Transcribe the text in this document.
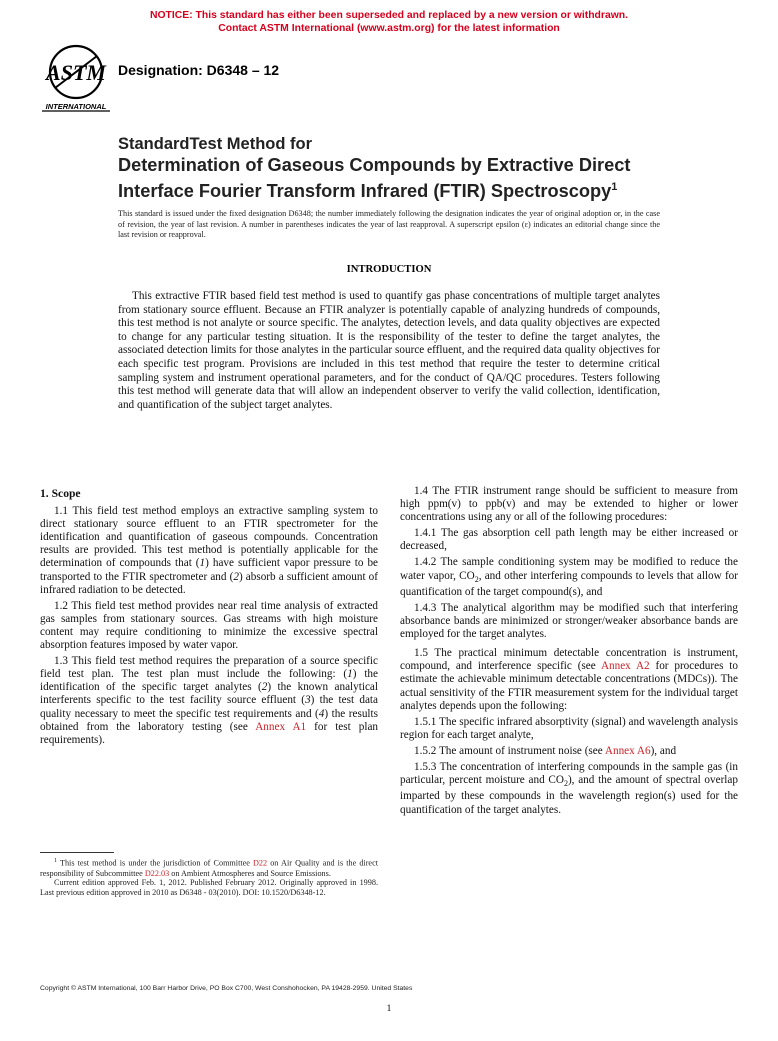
NOTICE: This standard has either been superseded and replaced by a new version or withdrawn.
Contact ASTM International (www.astm.org) for the latest information
ASTM
INTERNATIONAL
Designation: D6348 – 12
StandardTest Method for
Determination of Gaseous Compounds by Extractive Direct
Interface Fourier Transform Infrared (FTIR) Spectroscopy$^1$
This standard is issued under the fixed designation D6348; the number immediately following the designation indicates the year of original adoption or, in the case of revision, the year of last revision. A number in parentheses indicates the year of last reapproval. A superscript epsilon (ε) indicates an editorial change since the last revision or reapproval.
INTRODUCTION
This extractive FTIR based field test method is used to quantify gas phase concentrations of multiple target analytes from stationary source effluent. Because an FTIR analyzer is potentially capable of analyzing hundreds of compounds, this test method is not analyte or source specific. The analytes, detection levels, and data quality objectives are expected to change for any particular testing situation. It is the responsibility of the tester to define the target analytes, the associated detection limits for those analytes in the particular source effluent, and the required data quality objectives for each specific test program. Provisions are included in this test method that require the tester to determine critical sampling system and instrument operational parameters, and for the conduct of QA/QC procedures. Testers following this test method will generate data that will allow an independent observer to verify the valid collection, identification, and quantification of the subject target analytes.
1. Scope

1.1 This field test method employs an extractive sampling system to direct stationary source effluent to an FTIR spectrometer for the identification and quantification of gaseous compounds. Concentration results are provided. This test method is potentially applicable for the determination of compounds that (1) have sufficient vapor pressure to be transported to the FTIR spectrometer and (2) absorb a sufficient amount of infrared radiation to be detected.

1.2 This field test method provides near real time analysis of extracted gas samples from stationary sources. Gas streams with high moisture content may require conditioning to minimize the excessive spectral absorption features imposed by water vapor.

1.3 This field test method requires the preparation of a source specific field test plan. The test plan must include the following: (1) the identification of the specific target analytes (2) the known analytical interferents specific to the test facility source effluent (3) the test data quality necessary to meet the specific test requirements and (4) the results obtained from the laboratory testing (see Annex A1 for test plan requirements).

1.4 The FTIR instrument range should be sufficient to measure from high ppm(v) to ppb(v) and may be extended to higher or lower concentrations using any or all of the following procedures:

1.4.1 The gas absorption cell path length may be either increased or decreased,

1.4.2 The sample conditioning system may be modified to reduce the water vapor, $CO_2$, and other interfering compounds to levels that allow for quantification of the target compound(s), and

1.4.3 The analytical algorithm may be modified such that interfering absorbance bands are minimized or stronger/weaker absorbance bands are employed for the target analytes.

1.5 The practical minimum detectable concentration is instrument, compound, and interference specific (see Annex A2 for procedures to estimate the achievable minimum detectable concentrations (MDCs)). The actual sensitivity of the FTIR measurement system for the individual target analytes depends upon the following:

1.5.1 The specific infrared absorptivity (signal) and wavelength analysis region for each target analyte,

1.5.2 The amount of instrument noise (see Annex A6), and

1.5.3 The concentration of interfering compounds in the sample gas (in particular, percent moisture and $CO_2$), and the amount of spectral overlap imparted by these compounds in the wavelength region(s) used for the quantification of the target analytes.

$^1$ This test method is under the jurisdiction of Committee D22 on Air Quality and is the direct responsibility of Subcommittee D22.03 on Ambient Atmospheres and Source Emissions.

Current edition approved Feb. 1, 2012. Published February 2012. Originally approved in 1998. Last previous edition approved in 2010 as D6348 - 03(2010). DOI: 10.1520/D6348-12.

Copyright © ASTM International, 100 Barr Harbor Drive, PO Box C700, West Conshohocken, PA 19428-2959. United States
1
